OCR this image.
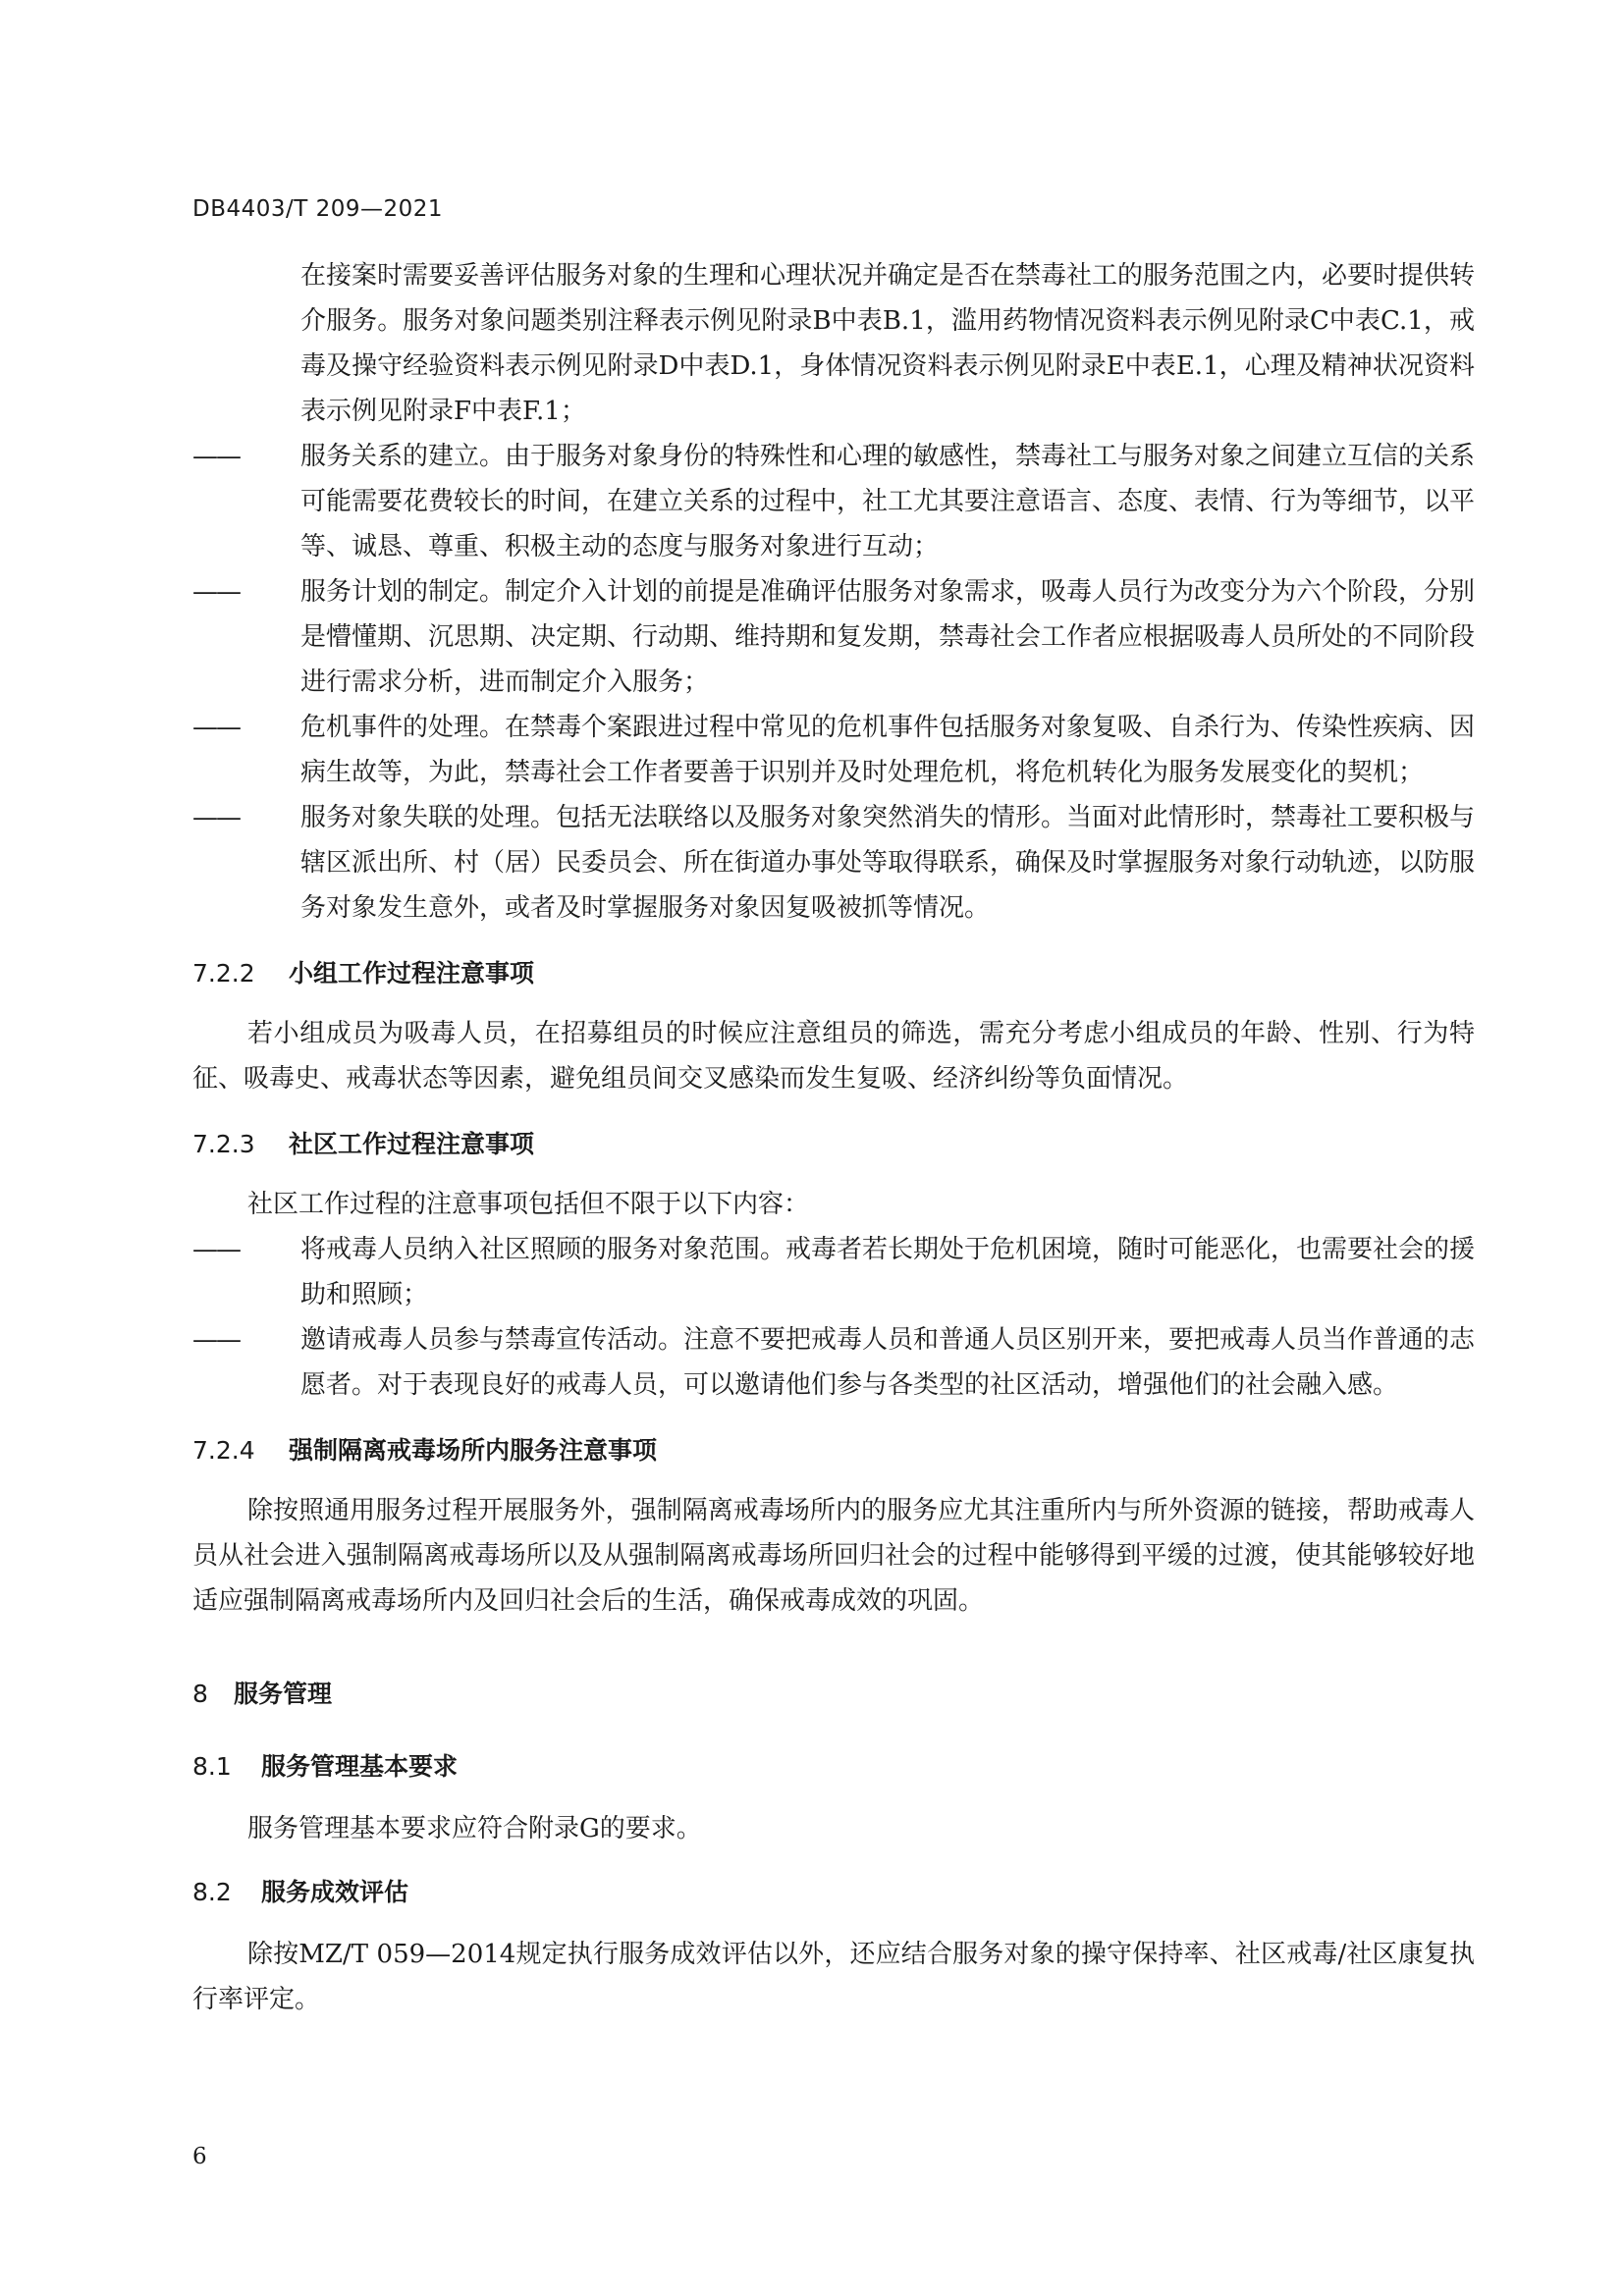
DB4403/T 209—2021

在接案时需要妥善评估服务对象的生理和心理状况并确定是否在禁毒社工的服务范围之内，必要时提供转介服务。服务对象问题类别注释表示例见附录B中表B.1，滥用药物情况资料表示例见附录C中表C.1，戒毒及操守经验资料表示例见附录D中表D.1，身体情况资料表示例见附录E中表E.1，心理及精神状况资料表示例见附录F中表F.1；

—— 服务关系的建立。由于服务对象身份的特殊性和心理的敏感性，禁毒社工与服务对象之间建立互信的关系可能需要花费较长的时间，在建立关系的过程中，社工尤其要注意语言、态度、表情、行为等细节，以平等、诚恳、尊重、积极主动的态度与服务对象进行互动；

—— 服务计划的制定。制定介入计划的前提是准确评估服务对象需求，吸毒人员行为改变分为六个阶段，分别是懵懂期、沉思期、决定期、行动期、维持期和复发期，禁毒社会工作者应根据吸毒人员所处的不同阶段进行需求分析，进而制定介入服务；

—— 危机事件的处理。在禁毒个案跟进过程中常见的危机事件包括服务对象复吸、自杀行为、传染性疾病、因病生故等，为此，禁毒社会工作者要善于识别并及时处理危机，将危机转化为服务发展变化的契机；

—— 服务对象失联的处理。包括无法联络以及服务对象突然消失的情形。当面对此情形时，禁毒社工要积极与辖区派出所、村（居）民委员会、所在街道办事处等取得联系，确保及时掌握服务对象行动轨迹，以防服务对象发生意外，或者及时掌握服务对象因复吸被抓等情况。

7.2.2 小组工作过程注意事项

若小组成员为吸毒人员，在招募组员的时候应注意组员的筛选，需充分考虑小组成员的年龄、性别、行为特征、吸毒史、戒毒状态等因素，避免组员间交叉感染而发生复吸、经济纠纷等负面情况。

7.2.3 社区工作过程注意事项

社区工作过程的注意事项包括但不限于以下内容：

—— 将戒毒人员纳入社区照顾的服务对象范围。戒毒者若长期处于危机困境，随时可能恶化，也需要社会的援助和照顾；

—— 邀请戒毒人员参与禁毒宣传活动。注意不要把戒毒人员和普通人员区别开来，要把戒毒人员当作普通的志愿者。对于表现良好的戒毒人员，可以邀请他们参与各类型的社区活动，增强他们的社会融入感。

7.2.4 强制隔离戒毒场所内服务注意事项

除按照通用服务过程开展服务外，强制隔离戒毒场所内的服务应尤其注重所内与所外资源的链接，帮助戒毒人员从社会进入强制隔离戒毒场所以及从强制隔离戒毒场所回归社会的过程中能够得到平缓的过渡，使其能够较好地适应强制隔离戒毒场所内及回归社会后的生活，确保戒毒成效的巩固。

8 服务管理
8.1 服务管理基本要求

服务管理基本要求应符合附录G的要求。

8.2 服务成效评估

除按MZ/T 059—2014规定执行服务成效评估以外，还应结合服务对象的操守保持率、社区戒毒/社区康复执行率评定。

6
